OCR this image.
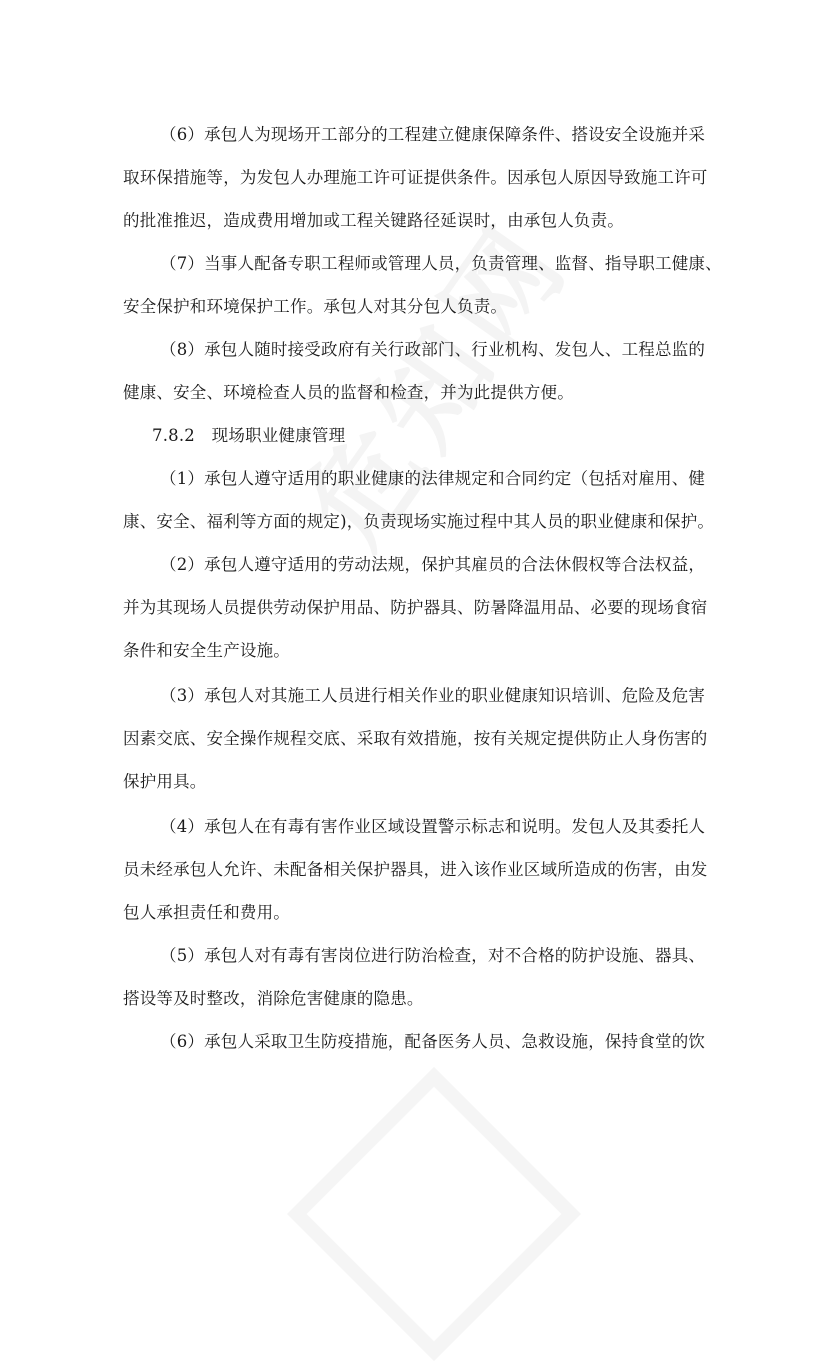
（6）承包人为现场开工部分的工程建立健康保障条件、搭设安全设施并采
取环保措施等，为发包人办理施工许可证提供条件。因承包人原因导致施工许可
的批准推迟，造成费用增加或工程关键路径延误时，由承包人负责。
（7）当事人配备专职工程师或管理人员，负责管理、监督、指导职工健康、
安全保护和环境保护工作。承包人对其分包人负责。
（8）承包人随时接受政府有关行政部门、行业机构、发包人、工程总监的
健康、安全、环境检查人员的监督和检查，并为此提供方便。
7.8.2　现场职业健康管理
（1）承包人遵守适用的职业健康的法律规定和合同约定（包括对雇用、健
康、安全、福利等方面的规定)，负责现场实施过程中其人员的职业健康和保护。
（2）承包人遵守适用的劳动法规，保护其雇员的合法休假权等合法权益，
并为其现场人员提供劳动保护用品、防护器具、防暑降温用品、必要的现场食宿
条件和安全生产设施。
（3）承包人对其施工人员进行相关作业的职业健康知识培训、危险及危害
因素交底、安全操作规程交底、采取有效措施，按有关规定提供防止人身伤害的
保护用具。
（4）承包人在有毒有害作业区域设置警示标志和说明。发包人及其委托人
员未经承包人允许、未配备相关保护器具，进入该作业区域所造成的伤害，由发
包人承担责任和费用。
（5）承包人对有毒有害岗位进行防治检查，对不合格的防护设施、器具、
搭设等及时整改，消除危害健康的隐患。
（6）承包人采取卫生防疫措施，配备医务人员、急救设施，保持食堂的饮
